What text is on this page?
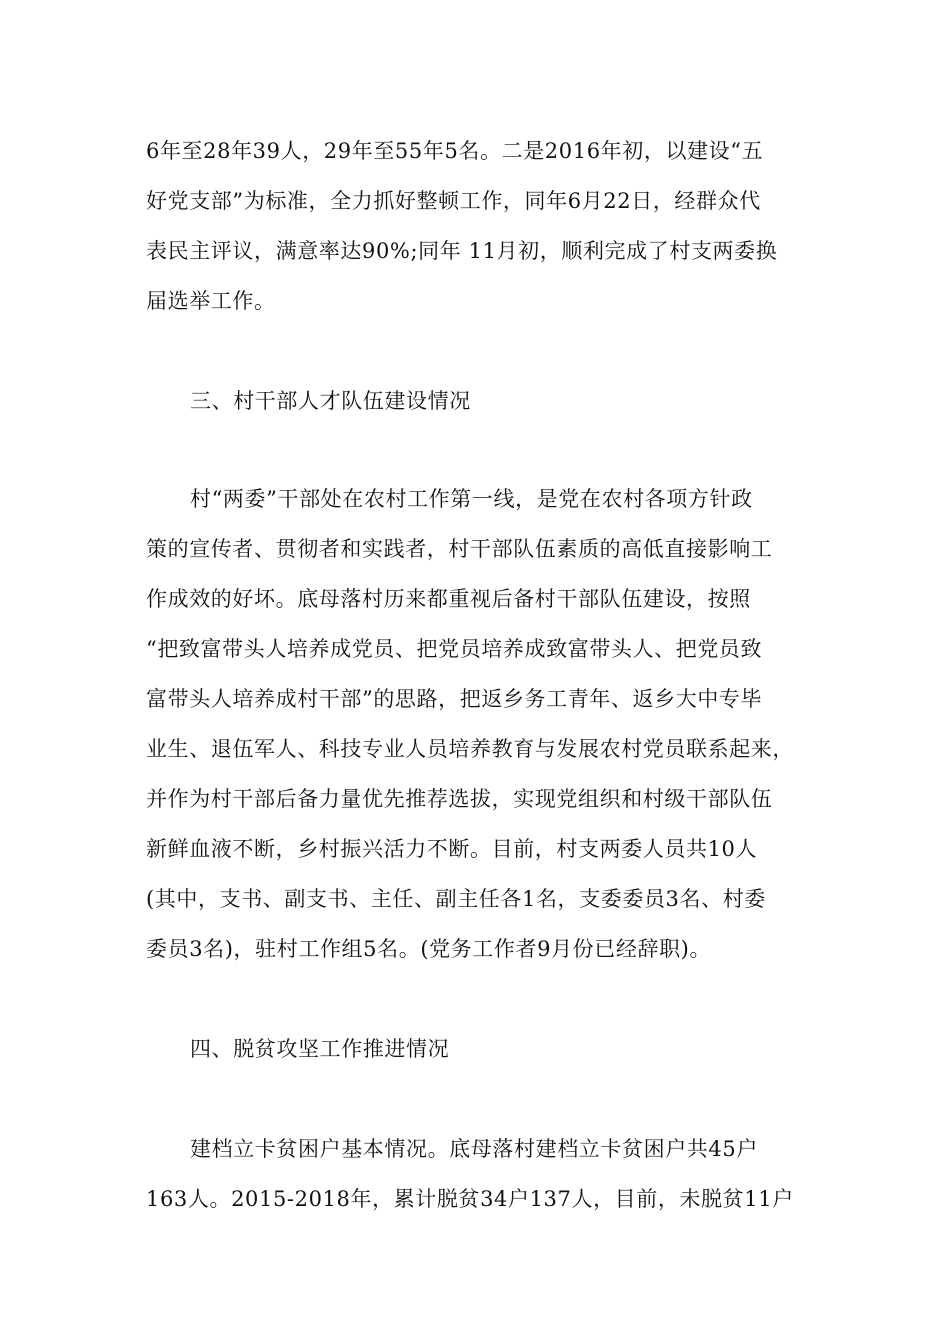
6年至28年39人，29年至55年5名。二是2016年初，以建设“五
好党支部”为标准，全力抓好整顿工作，同年6月22日，经群众代
表民主评议，满意率达90%;同年 11月初，顺利完成了村支两委换
届选举工作。
三、村干部人才队伍建设情况
村“两委”干部处在农村工作第一线，是党在农村各项方针政
策的宣传者、贯彻者和实践者，村干部队伍素质的高低直接影响工
作成效的好坏。底母落村历来都重视后备村干部队伍建设，按照
“把致富带头人培养成党员、把党员培养成致富带头人、把党员致
富带头人培养成村干部”的思路，把返乡务工青年、返乡大中专毕
业生、退伍军人、科技专业人员培养教育与发展农村党员联系起来，
并作为村干部后备力量优先推荐选拔，实现党组织和村级干部队伍
新鲜血液不断，乡村振兴活力不断。目前，村支两委人员共10人
(其中，支书、副支书、主任、副主任各1名，支委委员3名、村委
委员3名)，驻村工作组5名。(党务工作者9月份已经辞职)。
四、脱贫攻坚工作推进情况
建档立卡贫困户基本情况。底母落村建档立卡贫困户共45户
163人。2015-2018年，累计脱贫34户137人，目前，未脱贫11户
